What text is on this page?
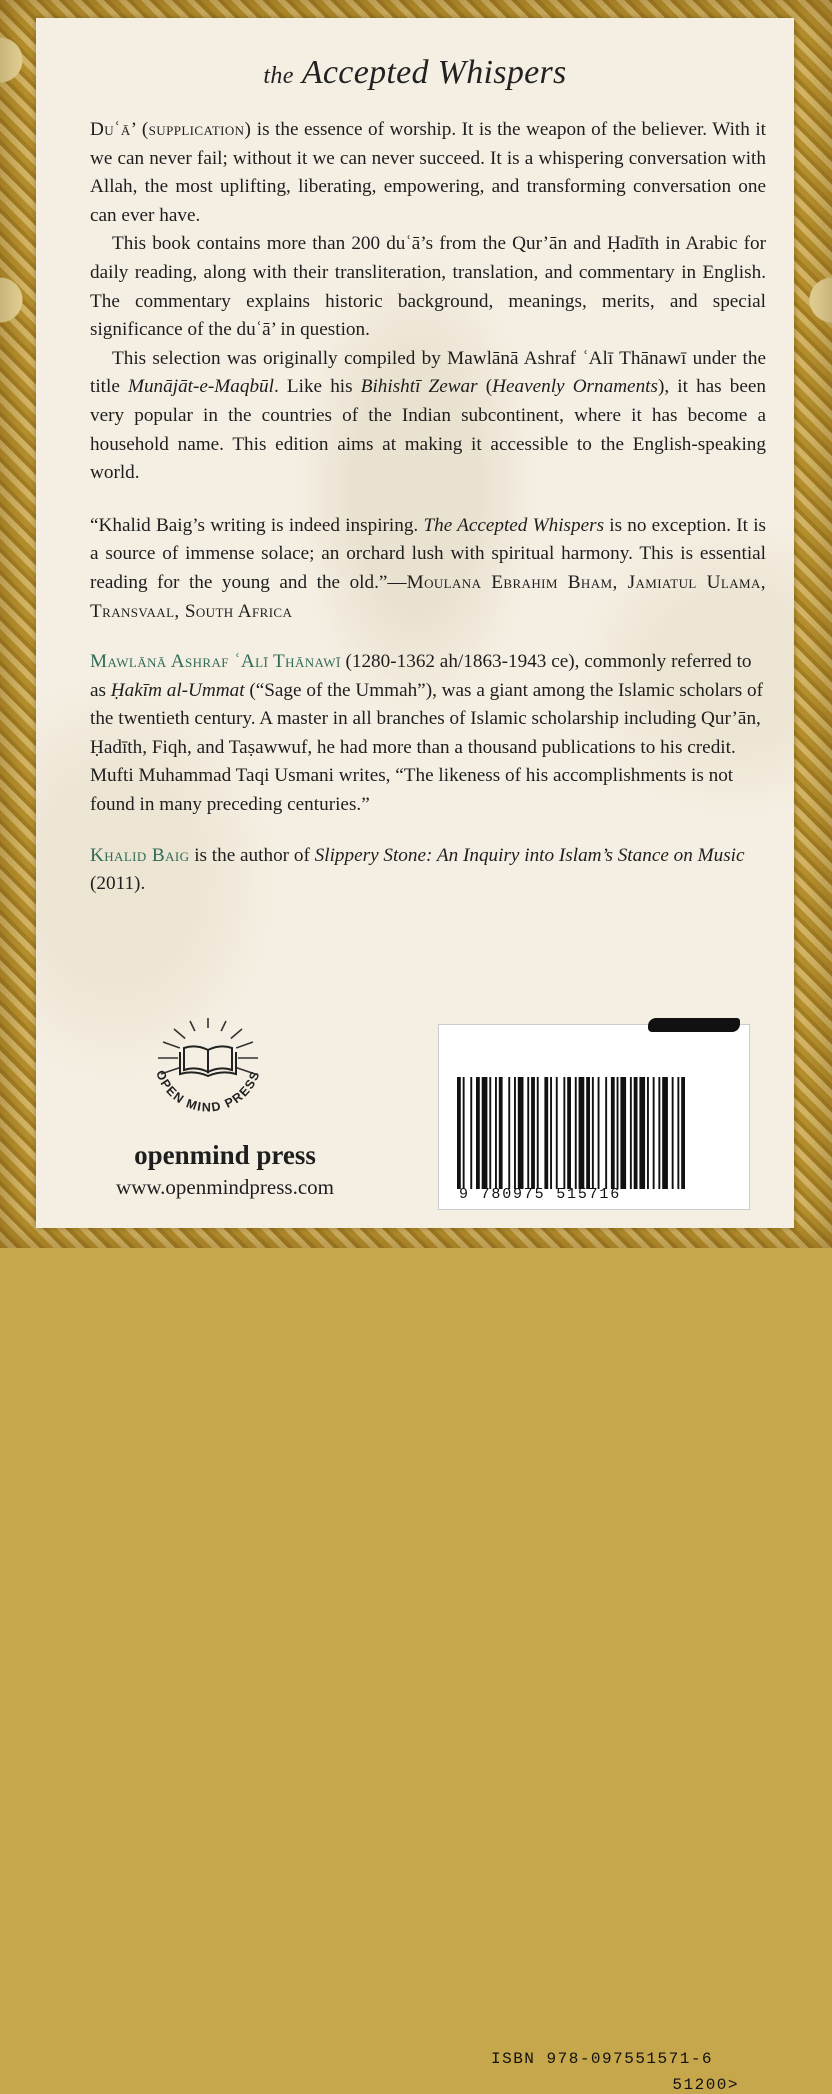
the Accepted Whispers

Duʿā’ (supplication) is the essence of worship. It is the weapon of the believer. With it we can never fail; without it we can never succeed. It is a whispering conversation with Allah, the most uplifting, liberating, empowering, and transforming conversation one can ever have.

This book contains more than 200 duʿā’s from the Qur’ān and Ḥadīth in Arabic for daily reading, along with their transliteration, translation, and commentary in English. The commentary explains historic background, meanings, merits, and special significance of the duʿā’ in question.

This selection was originally compiled by Mawlānā Ashraf ʿAlī Thānawī under the title Munājāt-e-Maqbūl. Like his Bihishtī Zewar (Heavenly Ornaments), it has been very popular in the countries of the Indian subcontinent, where it has become a household name. This edition aims at making it accessible to the English-speaking world.

“Khalid Baig’s writing is indeed inspiring. The Accepted Whispers is no exception. It is a source of immense solace; an orchard lush with spiritual harmony. This is essential reading for the young and the old.”—Moulana Ebrahim Bham, Jamiatul Ulama, Transvaal, South Africa

Mawlānā Ashraf ʿAlī Thānawī (1280-1362 ah/1863-1943 ce), commonly referred to as Ḥakīm al-Ummat (“Sage of the Ummah”), was a giant among the Islamic scholars of the twentieth century. A master in all branches of Islamic scholarship including Qur’ān, Ḥadīth, Fiqh, and Taṣawwuf, he had more than a thousand publications to his credit. Mufti Muhammad Taqi Usmani writes, “The likeness of his accomplishments is not found in many preceding centuries.”

Khalid Baig is the author of Slippery Stone: An Inquiry into Islam’s Stance on Music (2011).

OPEN MIND PRESS
openmind press
www.openmindpress.com
ISBN 978-097551571-6
51200>
9 780975 515716
